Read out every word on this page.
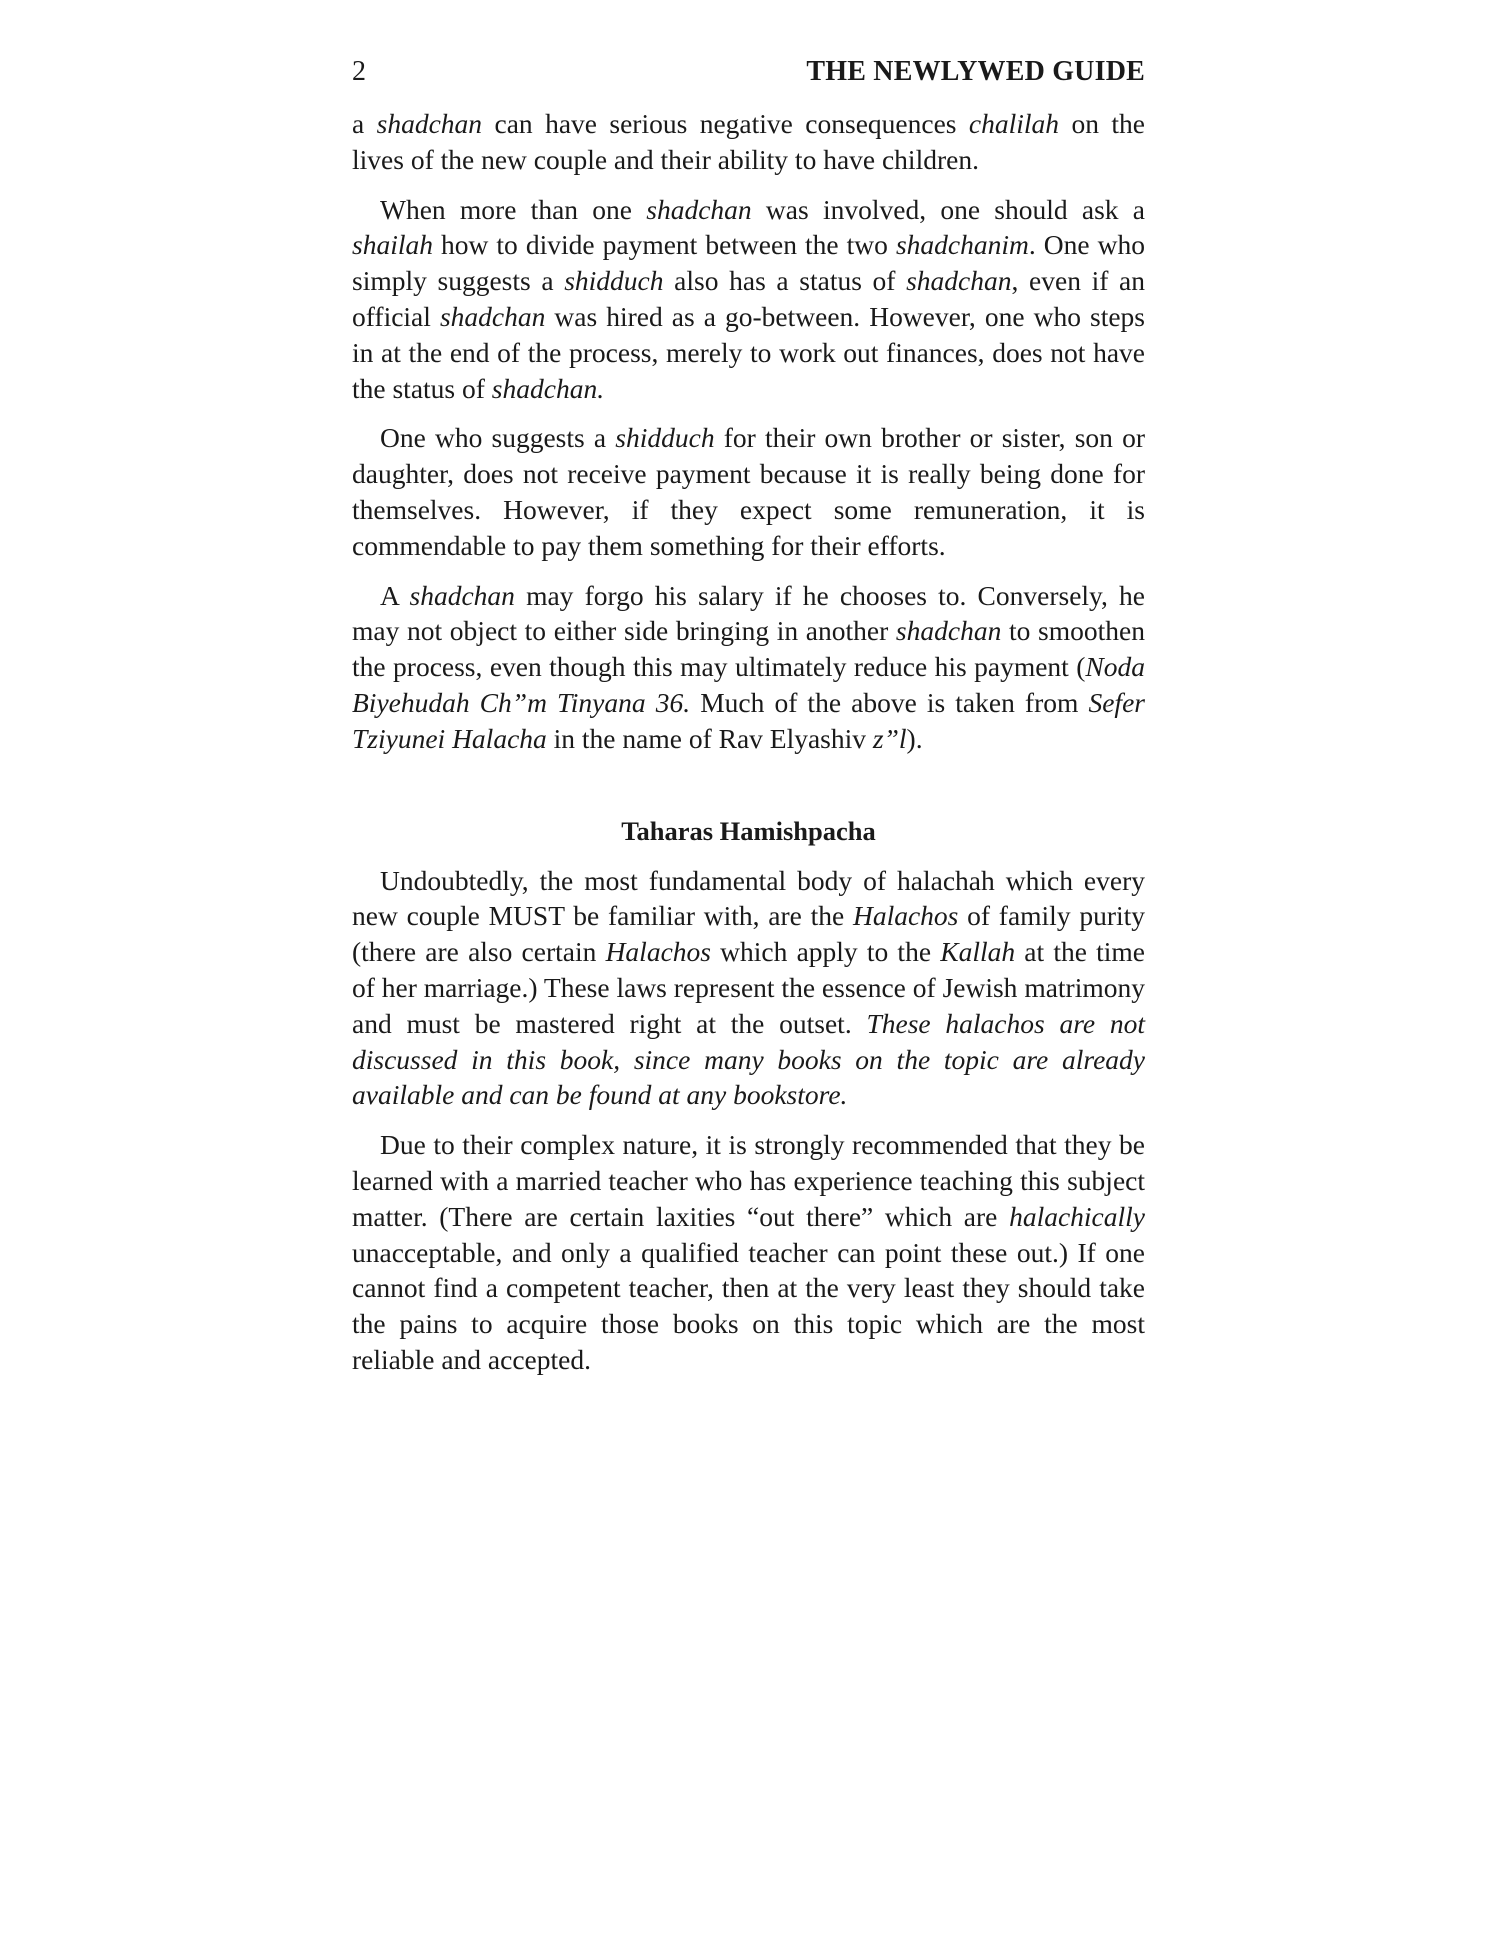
2	THE NEWLYWED GUIDE

a shadchan can have serious negative consequences chalilah on the lives of the new couple and their ability to have children.

When more than one shadchan was involved, one should ask a shailah how to divide payment between the two shadchanim. One who simply suggests a shidduch also has a status of shadchan, even if an official shadchan was hired as a go-between. However, one who steps in at the end of the process, merely to work out finances, does not have the status of shadchan.

One who suggests a shidduch for their own brother or sister, son or daughter, does not receive payment because it is really being done for themselves. However, if they expect some remuneration, it is commendable to pay them something for their efforts.

A shadchan may forgo his salary if he chooses to. Conversely, he may not object to either side bringing in another shadchan to smoothen the process, even though this may ultimately reduce his payment (Noda Biyehudah Ch”m Tinyana 36. Much of the above is taken from Sefer Tziyunei Halacha in the name of Rav Elyashiv z”l).

Taharas Hamishpacha

Undoubtedly, the most fundamental body of halachah which every new couple MUST be familiar with, are the Halachos of family purity (there are also certain Halachos which apply to the Kallah at the time of her marriage.) These laws represent the essence of Jewish matrimony and must be mastered right at the outset. These halachos are not discussed in this book, since many books on the topic are already available and can be found at any bookstore.

Due to their complex nature, it is strongly recommended that they be learned with a married teacher who has experience teaching this subject matter. (There are certain laxities “out there” which are halachically unacceptable, and only a qualified teacher can point these out.) If one cannot find a competent teacher, then at the very least they should take the pains to acquire those books on this topic which are the most reliable and accepted.
